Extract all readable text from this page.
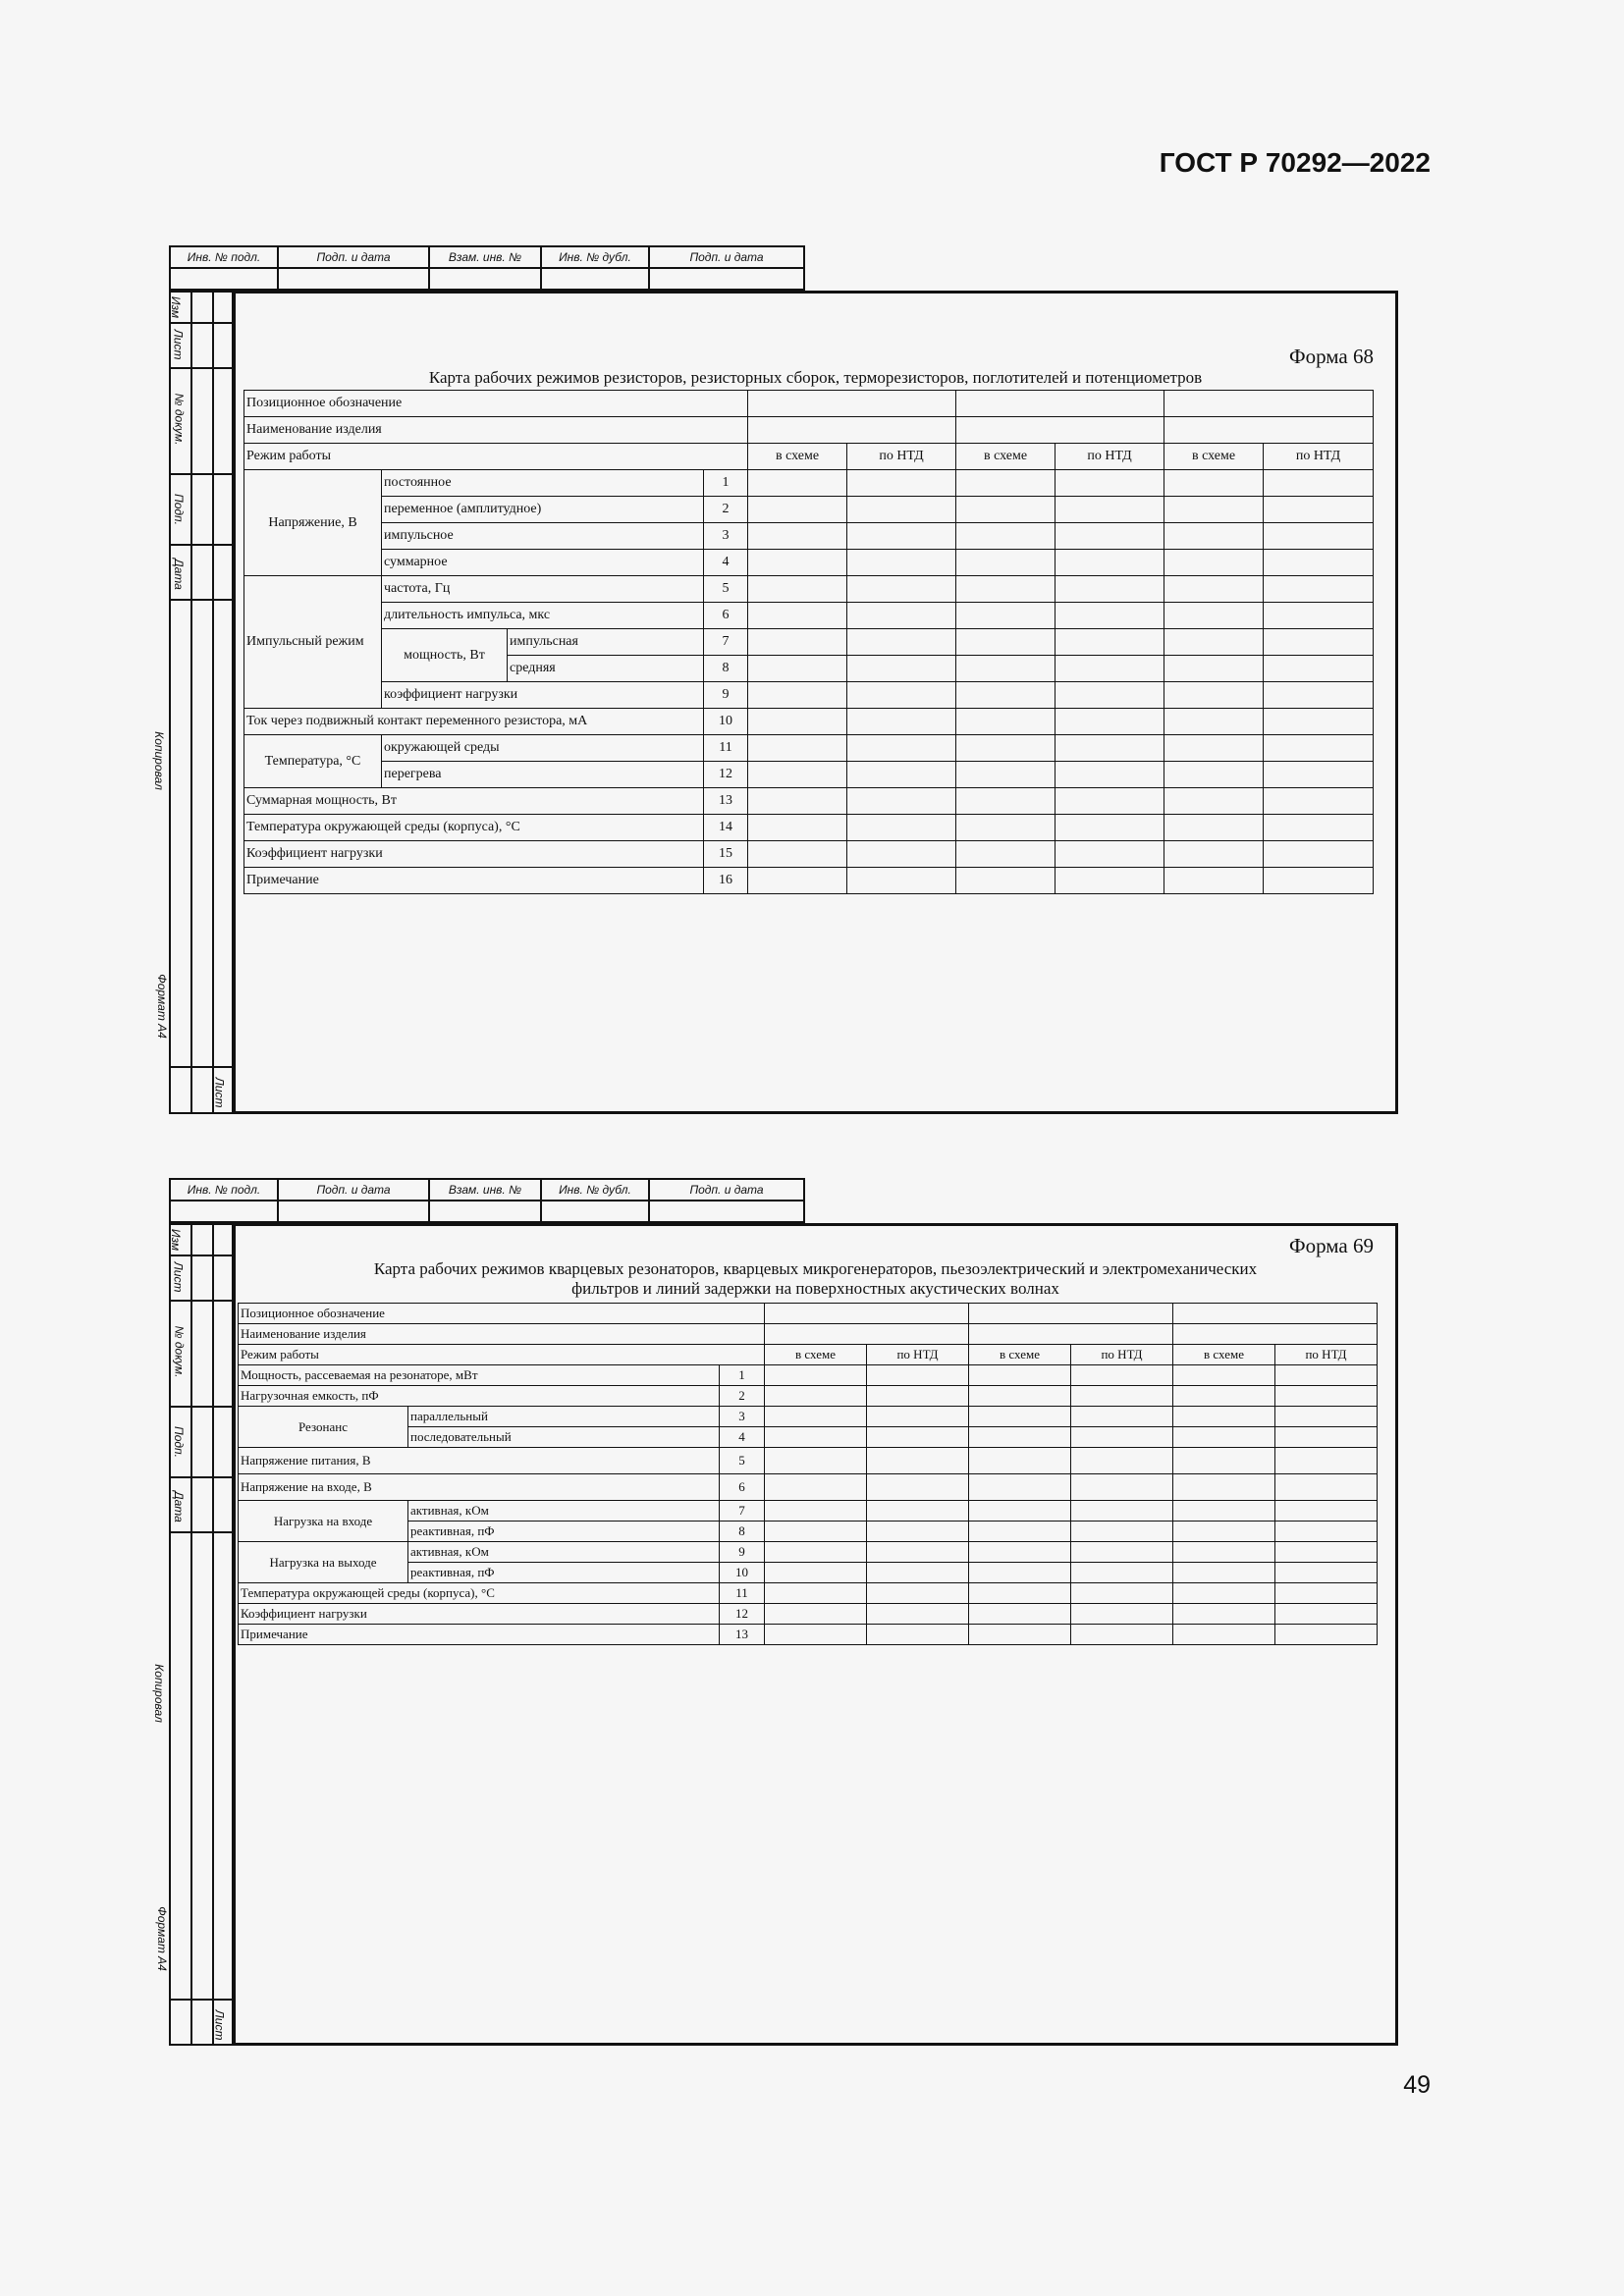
ГОСТ Р 70292—2022
Инв. № подл.	Подп. и дата	Взам. инв. №	Инв. № дубл.	Подп. и дата

Изм
Лист
№ докум.
Подп.
Дата
Копировал
Формат А4
Лист
Форма 68
Карта рабочих режимов резисторов, резисторных сборок, терморезисторов, поглотителей и потенциометров
Позиционное обозначение									
Наименование изделия									
Режим работы				в схеме	по НТД	в схеме	по НТД	в схеме	по НТД
Напряжение, В	постоянное		1						
	переменное (амплитудное)		2						
	импульсное		3						
	суммарное		4						
Импульсный режим	частота, Гц		5						
	длительность импульса, мкс		6						
	мощность, Вт	импульсная	7						
		средняя	8						
	коэффициент нагрузки		9						
Ток через подвижный контакт переменного резистора, мА			10						
Температура, °С	окружающей среды		11						
	перегрева		12						
Суммарная мощность, Вт			13						
Температура окружающей среды (корпуса), °С			14						
Коэффициент нагрузки			15						
Примечание			16						
Инв. № подл.	Подп. и дата	Взам. инв. №	Инв. № дубл.	Подп. и дата

Изм
Лист
№ докум.
Подп.
Дата
Копировал
Формат А4
Лист
Форма 69
Карта рабочих режимов кварцевых резонаторов, кварцевых микрогенераторов, пьезоэлектрический и электромеханических
фильтров и линий задержки на поверхностных акустических волнах
Позиционное обозначение								
Наименование изделия								
Режим работы			в схеме	по НТД	в схеме	по НТД	в схеме	по НТД
Мощность, рассеваемая на резонаторе, мВт		1						
Нагрузочная емкость, пФ		2						
Резонанс	параллельный	3						
	последовательный	4						
Напряжение питания, В		5						
Напряжение на входе, В		6						
Нагрузка на входе	активная, кОм	7						
	реактивная, пФ	8						
Нагрузка на выходе	активная, кОм	9						
	реактивная, пФ	10						
Температура окружающей среды (корпуса), °С		11						
Коэффициент нагрузки		12						
Примечание		13						
49
